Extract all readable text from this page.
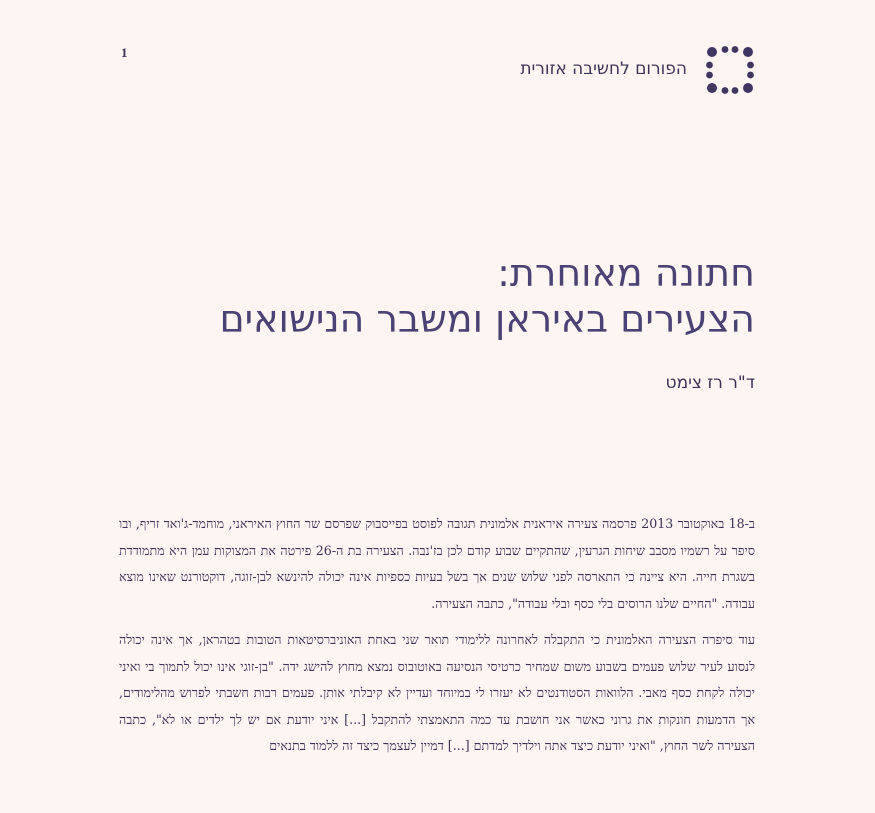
1
הפורום לחשיבה אזורית
חתונה מאוחרת:
הצעירים באיראן ומשבר הנישואים
ד"ר רז צימט

ב-18 באוקטובר 2013 פרסמה צעירה איראנית אלמונית תגובה לפוסט בפייסבוק שפרסם שר החוץ האיראני, מוחמד-ג'ואד זריף, ובו סיפר על רשמיו מסבב שיחות הגרעין, שהתקיים שבוע קודם לכן בז'נבה. הצעירה בת ה-26 פירטה את המצוקות עמן היא מתמודדת בשגרת חייה. היא ציינה כי התארסה לפני שלוש שנים אך בשל בעיות כספיות אינה יכולה להינשא לבן-זוגה, דוקטורנט שאינו מוצא עבודה. "החיים שלנו הרוסים בלי כסף ובלי עבודה", כתבה הצעירה.

עוד סיפרה הצעירה האלמונית כי התקבלה לאחרונה ללימודי תואר שני באחת האוניברסיטאות הטובות בטהראן, אך אינה יכולה לנסוע לעיר שלוש פעמים בשבוע משום שמחיר כרטיסי הנסיעה באוטובוס נמצא מחוץ להישג ידה. "בן-זוגי אינו יכול לתמוך בי ואיני יכולה לקחת כסף מאבי. הלוואות הסטודנטים לא יעזרו לי במיוחד ועדיין לא קיבלתי אותן. פעמים רבות חשבתי לפרוש מהלימודים, אך הדמעות חונקות את גרוני כאשר אני חושבת עד כמה התאמצתי להתקבל [...] איני יודעת אם יש לך ילדים או לא", כתבה הצעירה לשר החוץ, "ואיני יודעת כיצד אתה וילדיך למדתם [...] דמיין לעצמך כיצד זה ללמוד בתנאים
